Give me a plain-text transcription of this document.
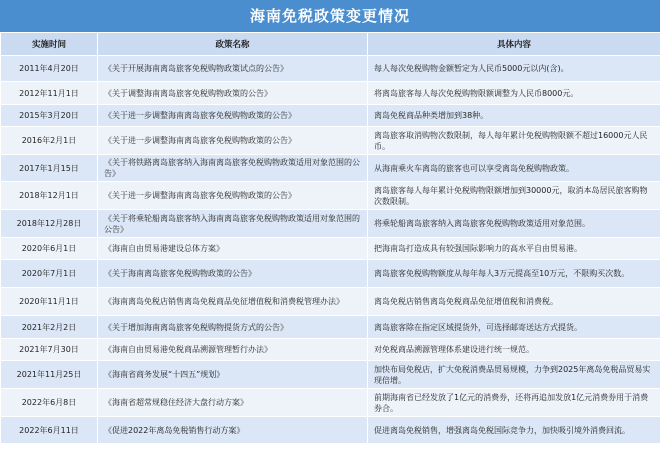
海南免税政策变更情况
实施时间	政策名称	具体内容
2011年4月20日	《关于开展海南离岛旅客免税购物政策试点的公告》	每人每次免税购物金额暂定为人民币5000元以内(含)。
2012年11月1日	《关于调整海南离岛旅客免税购物政策的公告》	将离岛旅客每人每次免税购物限额调整为人民币8000元。
2015年3月20日	《关于进一步调整海南离岛旅客免税购物政策的公告》	离岛免税商品种类增加到38种。
2016年2月1日	《关于进一步调整海南离岛旅客免税购物政策的公告》	离岛旅客取消购物次数限制，每人每年累计免税购物限额不超过16000元人民币。
2017年1月15日	《关于将铁路离岛旅客纳入海南离岛旅客免税购物政策适用对象范围的公告》	从海南乘火车离岛的旅客也可以享受离岛免税购物政策。
2018年12月1日	《关于进一步调整海南离岛旅客免税购物政策的公告》	离岛旅客每人每年累计免税购物限额增加到30000元，取消本岛居民旅客购物次数限制。
2018年12月28日	《关于将乘轮船离岛旅客纳入海南离岛旅客免税购物政策适用对象范围的公告》	将乘轮船离岛旅客纳入离岛旅客免税购物政策适用对象范围。
2020年6月1日	《海南自由贸易港建设总体方案》	把海南岛打造成具有较强国际影响力的高水平自由贸易港。
2020年7月1日	《关于海南离岛旅客免税购物政策的公告》	离岛旅客免税购物额度从每年每人3万元提高至10万元，不限购买次数。
2020年11月1日	《海南离岛免税店销售离岛免税商品免征增值税和消费税管理办法》	离岛免税店销售离岛免税商品免征增值税和消费税。
2021年2月2日	《关于增加海南离岛旅客免税购物提货方式的公告》	离岛旅客除在指定区域提货外，可选择邮寄送达方式提货。
2021年7月30日	《海南自由贸易港免税商品溯源管理暂行办法》	对免税商品溯源管理体系建设进行统一规范。
2021年11月25日	《海南省商务发展“十四五”规划》	加快布局免税店，扩大免税消费品贸易规模，力争到2025年离岛免税品贸易实现倍增。
2022年6月8日	《海南省超常规稳住经济大盘行动方案》	前期海南省已经发放了1亿元的消费券，还将再追加发放1亿元消费券用于消费券合。
2022年6月11日	《促进2022年离岛免税销售行动方案》	促进离岛免税销售，增强离岛免税国际竞争力，加快吸引境外消费回流。
